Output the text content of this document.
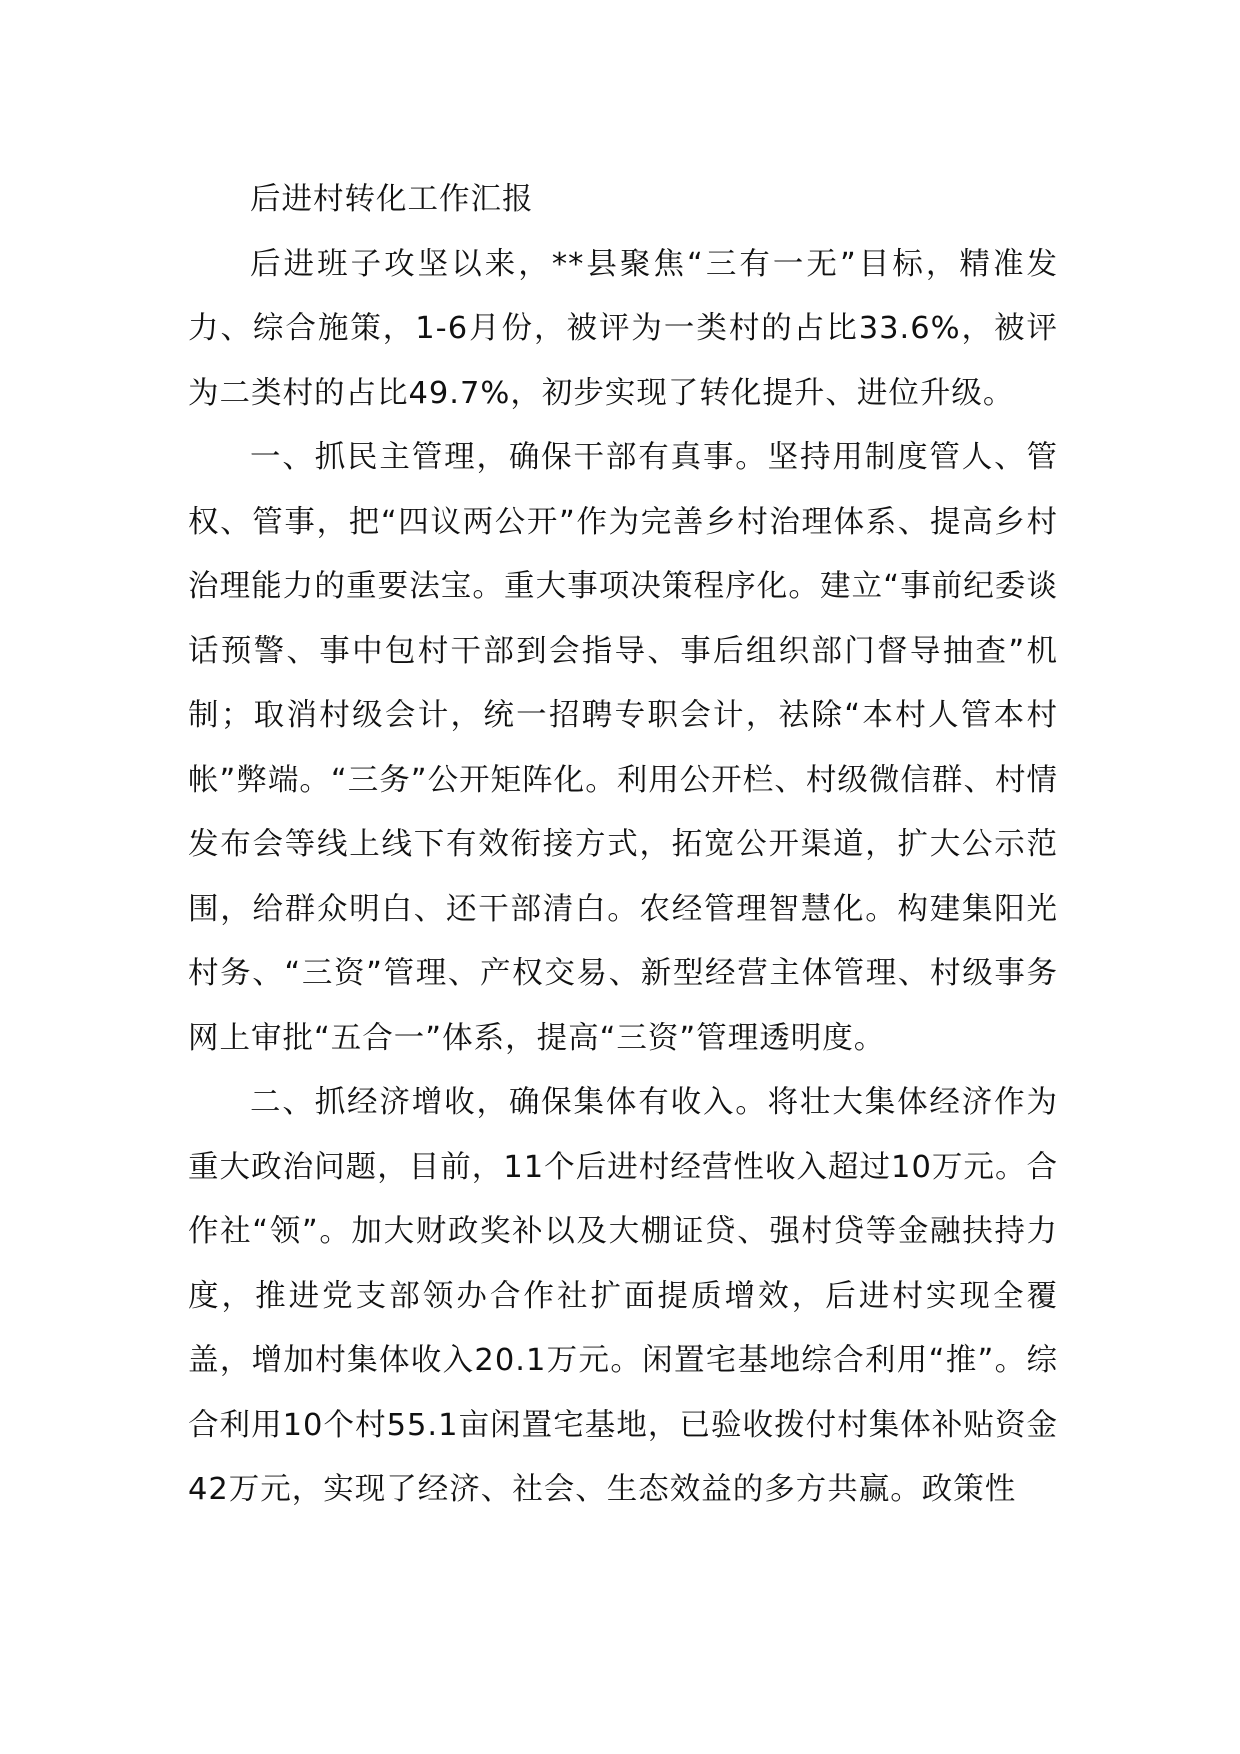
后进村转化工作汇报

后进班子攻坚以来，**县聚焦“三有一无”目标，精准发力、综合施策，1-6月份，被评为一类村的占比33.6%，被评为二类村的占比49.7%，初步实现了转化提升、进位升级。

一、抓民主管理，确保干部有真事。坚持用制度管人、管权、管事，把“四议两公开”作为完善乡村治理体系、提高乡村治理能力的重要法宝。重大事项决策程序化。建立“事前纪委谈话预警、事中包村干部到会指导、事后组织部门督导抽查”机制；取消村级会计，统一招聘专职会计，祛除“本村人管本村帐”弊端。“三务”公开矩阵化。利用公开栏、村级微信群、村情发布会等线上线下有效衔接方式，拓宽公开渠道，扩大公示范围，给群众明白、还干部清白。农经管理智慧化。构建集阳光村务、“三资”管理、产权交易、新型经营主体管理、村级事务网上审批“五合一”体系，提高“三资”管理透明度。

二、抓经济增收，确保集体有收入。将壮大集体经济作为重大政治问题，目前，11个后进村经营性收入超过10万元。合作社“领”。加大财政奖补以及大棚证贷、强村贷等金融扶持力度，推进党支部领办合作社扩面提质增效，后进村实现全覆盖，增加村集体收入20.1万元。闲置宅基地综合利用“推”。综合利用10个村55.1亩闲置宅基地，已验收拨付村集体补贴资金42万元，实现了经济、社会、生态效益的多方共赢。政策性
